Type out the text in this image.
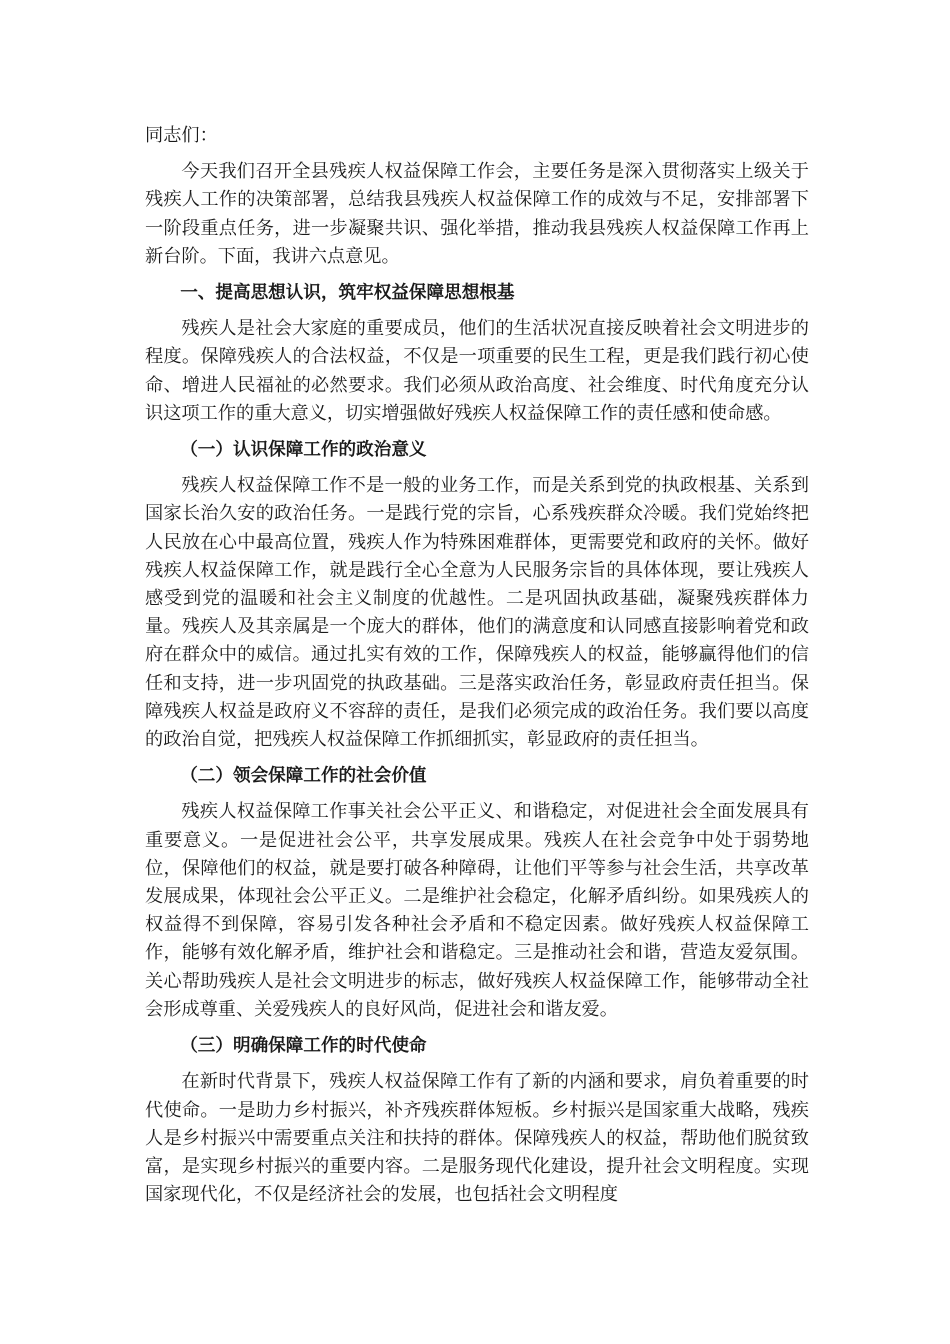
同志们：

今天我们召开全县残疾人权益保障工作会，主要任务是深入贯彻落实上级关于残疾人工作的决策部署，总结我县残疾人权益保障工作的成效与不足，安排部署下一阶段重点任务，进一步凝聚共识、强化举措，推动我县残疾人权益保障工作再上新台阶。下面，我讲六点意见。

一、提高思想认识，筑牢权益保障思想根基

残疾人是社会大家庭的重要成员，他们的生活状况直接反映着社会文明进步的程度。保障残疾人的合法权益，不仅是一项重要的民生工程，更是我们践行初心使命、增进人民福祉的必然要求。我们必须从政治高度、社会维度、时代角度充分认识这项工作的重大意义，切实增强做好残疾人权益保障工作的责任感和使命感。

（一）认识保障工作的政治意义

残疾人权益保障工作不是一般的业务工作，而是关系到党的执政根基、关系到国家长治久安的政治任务。一是践行党的宗旨，心系残疾群众冷暖。我们党始终把人民放在心中最高位置，残疾人作为特殊困难群体，更需要党和政府的关怀。做好残疾人权益保障工作，就是践行全心全意为人民服务宗旨的具体体现，要让残疾人感受到党的温暖和社会主义制度的优越性。二是巩固执政基础，凝聚残疾群体力量。残疾人及其亲属是一个庞大的群体，他们的满意度和认同感直接影响着党和政府在群众中的威信。通过扎实有效的工作，保障残疾人的权益，能够赢得他们的信任和支持，进一步巩固党的执政基础。三是落实政治任务，彰显政府责任担当。保障残疾人权益是政府义不容辞的责任，是我们必须完成的政治任务。我们要以高度的政治自觉，把残疾人权益保障工作抓细抓实，彰显政府的责任担当。

（二）领会保障工作的社会价值

残疾人权益保障工作事关社会公平正义、和谐稳定，对促进社会全面发展具有重要意义。一是促进社会公平，共享发展成果。残疾人在社会竞争中处于弱势地位，保障他们的权益，就是要打破各种障碍，让他们平等参与社会生活，共享改革发展成果，体现社会公平正义。二是维护社会稳定，化解矛盾纠纷。如果残疾人的权益得不到保障，容易引发各种社会矛盾和不稳定因素。做好残疾人权益保障工作，能够有效化解矛盾，维护社会和谐稳定。三是推动社会和谐，营造友爱氛围。关心帮助残疾人是社会文明进步的标志，做好残疾人权益保障工作，能够带动全社会形成尊重、关爱残疾人的良好风尚，促进社会和谐友爱。

（三）明确保障工作的时代使命

在新时代背景下，残疾人权益保障工作有了新的内涵和要求，肩负着重要的时代使命。一是助力乡村振兴，补齐残疾群体短板。乡村振兴是国家重大战略，残疾人是乡村振兴中需要重点关注和扶持的群体。保障残疾人的权益，帮助他们脱贫致富，是实现乡村振兴的重要内容。二是服务现代化建设，提升社会文明程度。实现国家现代化，不仅是经济社会的发展，也包括社会文明程度
